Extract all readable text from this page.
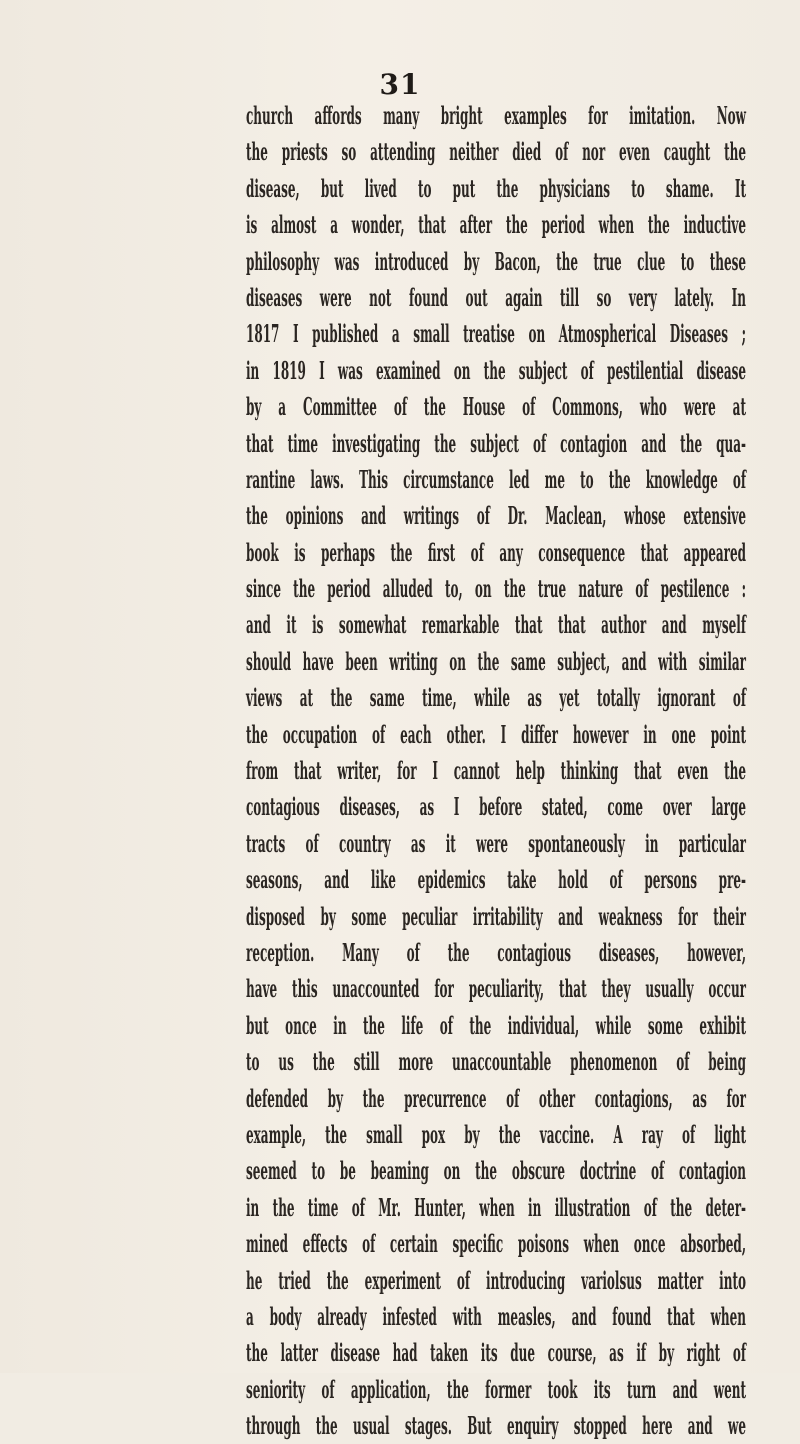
31
church affords many bright examples for imitation. Now
the priests so attending neither died of nor even caught the
disease, but lived to put the physicians to shame. It
is almost a wonder, that after the period when the inductive
philosophy was introduced by Bacon, the true clue to these
diseases were not found out again till so very lately. In
1817 I published a small treatise on Atmospherical Diseases ;
in 1819 I was examined on the subject of pestilential disease
by a Committee of the House of Commons, who were at
that time investigating the subject of contagion and the qua-
rantine laws. This circumstance led me to the knowledge of
the opinions and writings of Dr. Maclean, whose extensive
book is perhaps the first of any consequence that appeared
since the period alluded to, on the true nature of pestilence :
and it is somewhat remarkable that that author and myself
should have been writing on the same subject, and with similar
views at the same time, while as yet totally ignorant of
the occupation of each other. I differ however in one point
from that writer, for I cannot help thinking that even the
contagious diseases, as I before stated, come over large
tracts of country as it were spontaneously in particular
seasons, and like epidemics take hold of persons pre-
disposed by some peculiar irritability and weakness for their
reception. Many of the contagious diseases, however,
have this unaccounted for peculiarity, that they usually occur
but once in the life of the individual, while some exhibit
to us the still more unaccountable phenomenon of being
defended by the precurrence of other contagions, as for
example, the small pox by the vaccine. A ray of light
seemed to be beaming on the obscure doctrine of contagion
in the time of Mr. Hunter, when in illustration of the deter-
mined effects of certain specific poisons when once absorbed,
he tried the experiment of introducing variolsus matter into
a body already infested with measles, and found that when
the latter disease had taken its due course, as if by right of
seniority of application, the former took its turn and went
through the usual stages. But enquiry stopped here and we
